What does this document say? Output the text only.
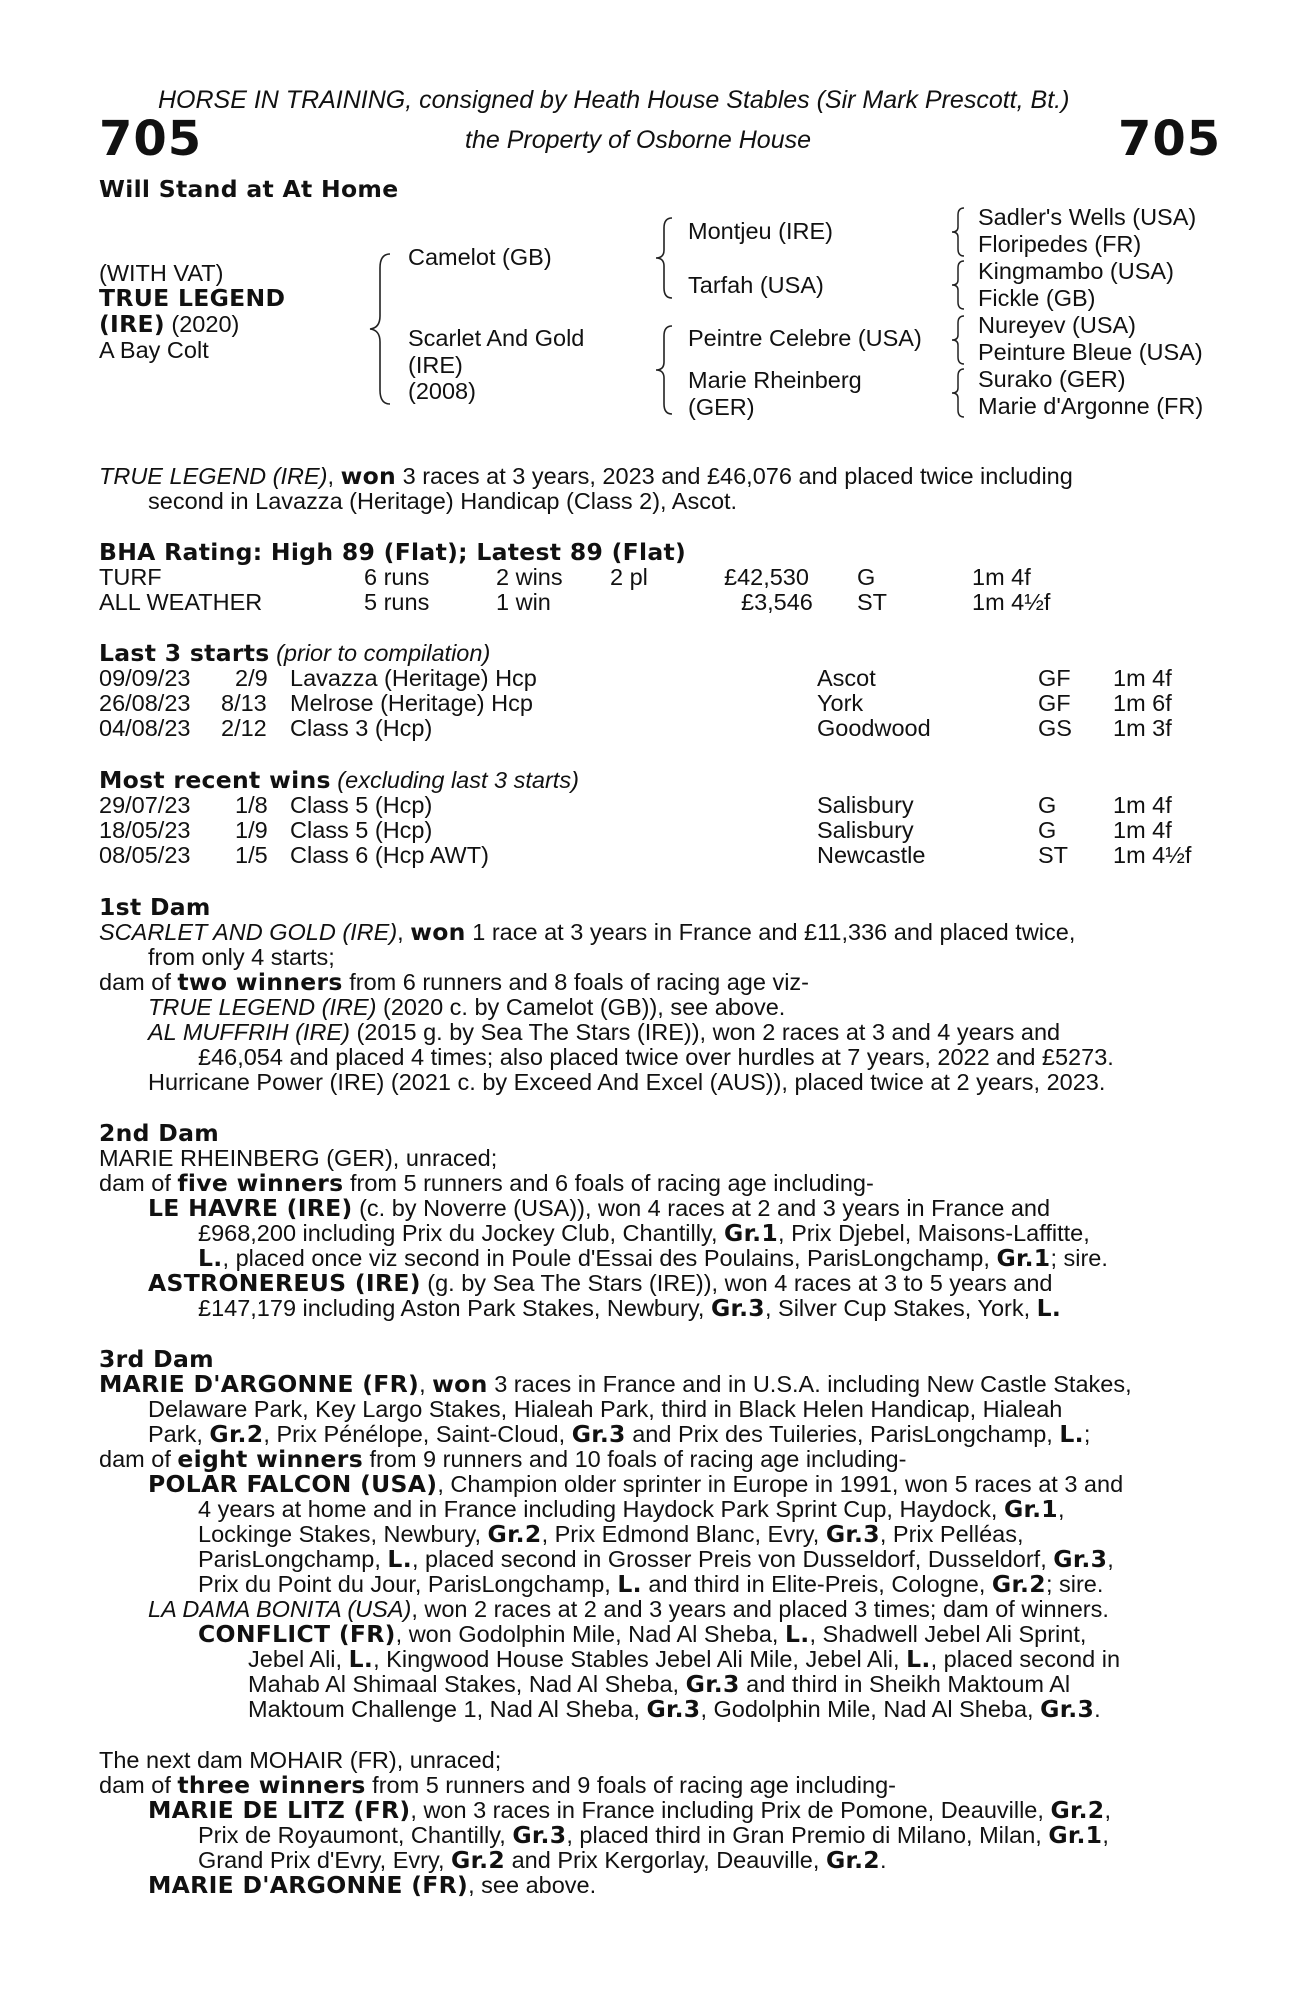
HORSE IN TRAINING, consigned by Heath House Stables (Sir Mark Prescott, Bt.)
705	the Property of Osborne House	705
Will Stand at At Home
(WITH VAT)
TRUE LEGEND
(IRE) (2020)
A Bay Colt
Camelot (GB)
Scarlet And Gold
(IRE)
(2008)
Montjeu (IRE)
Tarfah (USA)
Peintre Celebre (USA)
Marie Rheinberg
(GER)
Sadler's Wells (USA)
Floripedes (FR)
Kingmambo (USA)
Fickle (GB)
Nureyev (USA)
Peinture Bleue (USA)
Surako (GER)
Marie d'Argonne (FR)
TRUE LEGEND (IRE), won 3 races at 3 years, 2023 and £46,076 and placed twice including
second in Lavazza (Heritage) Handicap (Class 2), Ascot.
BHA Rating: High 89 (Flat); Latest 89 (Flat)
TURF	6 runs	2 wins 2 pl	£42,530 G	1m 4f
ALL WEATHER	5 runs	1 win	£3,546 ST	1m 4½f
Last 3 starts (prior to compilation)
09/09/23 2/9 Lavazza (Heritage) Hcp	Ascot	GF 1m 4f
26/08/23 8/13 Melrose (Heritage) Hcp	York	GF 1m 6f
04/08/23 2/12 Class 3 (Hcp)	Goodwood	GS 1m 3f
Most recent wins (excluding last 3 starts)
29/07/23 1/8 Class 5 (Hcp)	Salisbury	G 1m 4f
18/05/23 1/9 Class 5 (Hcp)	Salisbury	G 1m 4f
08/05/23 1/5 Class 6 (Hcp AWT)	Newcastle	ST 1m 4½f
1st Dam
SCARLET AND GOLD (IRE), won 1 race at 3 years in France and £11,336 and placed twice,
from only 4 starts;
dam of two winners from 6 runners and 8 foals of racing age viz-
TRUE LEGEND (IRE) (2020 c. by Camelot (GB)), see above.
AL MUFFRIH (IRE) (2015 g. by Sea The Stars (IRE)), won 2 races at 3 and 4 years and
£46,054 and placed 4 times; also placed twice over hurdles at 7 years, 2022 and £5273.
Hurricane Power (IRE) (2021 c. by Exceed And Excel (AUS)), placed twice at 2 years, 2023.
2nd Dam
MARIE RHEINBERG (GER), unraced;
dam of five winners from 5 runners and 6 foals of racing age including-
LE HAVRE (IRE) (c. by Noverre (USA)), won 4 races at 2 and 3 years in France and
£968,200 including Prix du Jockey Club, Chantilly, Gr.1, Prix Djebel, Maisons-Laffitte,
L., placed once viz second in Poule d'Essai des Poulains, ParisLongchamp, Gr.1; sire.
ASTRONEREUS (IRE) (g. by Sea The Stars (IRE)), won 4 races at 3 to 5 years and
£147,179 including Aston Park Stakes, Newbury, Gr.3, Silver Cup Stakes, York, L.
3rd Dam
MARIE D'ARGONNE (FR), won 3 races in France and in U.S.A. including New Castle Stakes,
Delaware Park, Key Largo Stakes, Hialeah Park, third in Black Helen Handicap, Hialeah
Park, Gr.2, Prix Pénélope, Saint-Cloud, Gr.3 and Prix des Tuileries, ParisLongchamp, L.;
dam of eight winners from 9 runners and 10 foals of racing age including-
POLAR FALCON (USA), Champion older sprinter in Europe in 1991, won 5 races at 3 and
4 years at home and in France including Haydock Park Sprint Cup, Haydock, Gr.1,
Lockinge Stakes, Newbury, Gr.2, Prix Edmond Blanc, Evry, Gr.3, Prix Pelléas,
ParisLongchamp, L., placed second in Grosser Preis von Dusseldorf, Dusseldorf, Gr.3,
Prix du Point du Jour, ParisLongchamp, L. and third in Elite-Preis, Cologne, Gr.2; sire.
LA DAMA BONITA (USA), won 2 races at 2 and 3 years and placed 3 times; dam of winners.
CONFLICT (FR), won Godolphin Mile, Nad Al Sheba, L., Shadwell Jebel Ali Sprint,
Jebel Ali, L., Kingwood House Stables Jebel Ali Mile, Jebel Ali, L., placed second in
Mahab Al Shimaal Stakes, Nad Al Sheba, Gr.3 and third in Sheikh Maktoum Al
Maktoum Challenge 1, Nad Al Sheba, Gr.3, Godolphin Mile, Nad Al Sheba, Gr.3.
The next dam MOHAIR (FR), unraced;
dam of three winners from 5 runners and 9 foals of racing age including-
MARIE DE LITZ (FR), won 3 races in France including Prix de Pomone, Deauville, Gr.2,
Prix de Royaumont, Chantilly, Gr.3, placed third in Gran Premio di Milano, Milan, Gr.1,
Grand Prix d'Evry, Evry, Gr.2 and Prix Kergorlay, Deauville, Gr.2.
MARIE D'ARGONNE (FR), see above.
